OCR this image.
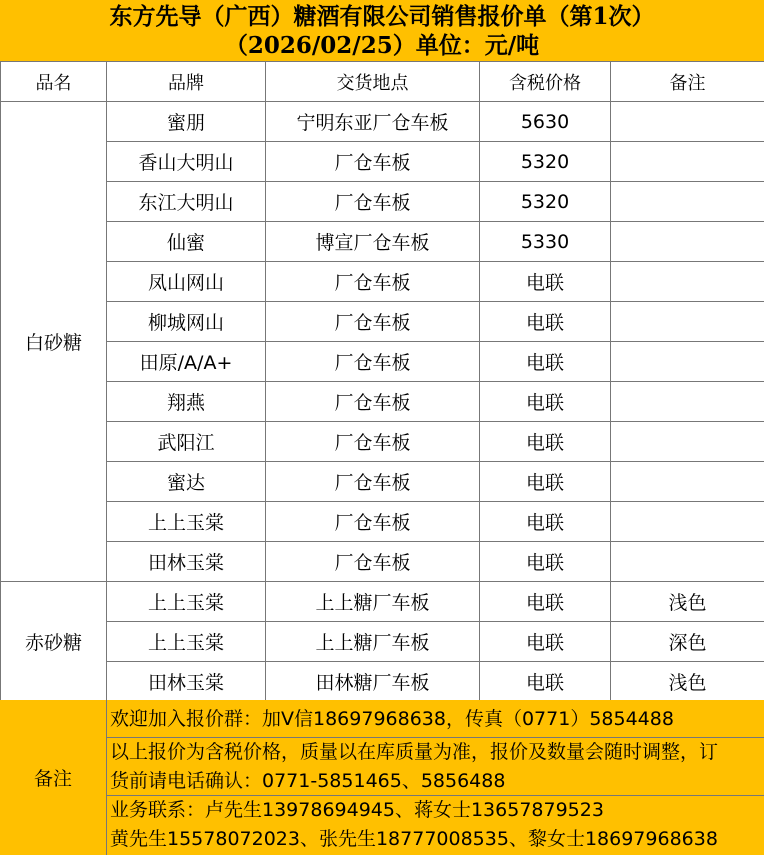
东方先导（广西）糖酒有限公司销售报价单（第1次）
（2026/02/25）单位：元/吨
品名	品牌	交货地点	含税价格	备注
白砂糖	蜜朋	宁明东亚厂仓车板	5630	
	香山大明山	厂仓车板	5320	
	东江大明山	厂仓车板	5320	
	仙蜜	博宣厂仓车板	5330	
	凤山网山	厂仓车板	电联	
	柳城网山	厂仓车板	电联	
	田原/A/A+	厂仓车板	电联	
	翔燕	厂仓车板	电联	
	武阳江	厂仓车板	电联	
	蜜达	厂仓车板	电联	
	上上玉棠	厂仓车板	电联	
	田林玉棠	厂仓车板	电联	
赤砂糖	上上玉棠	上上糖厂车板	电联	浅色
	上上玉棠	上上糖厂车板	电联	深色
	田林玉棠	田林糖厂车板	电联	浅色
备注
欢迎加入报价群：加V信18697968638，传真（0771）5854488
以上报价为含税价格，质量以在库质量为准，报价及数量会随时调整，订
货前请电话确认：0771-5851465、5856488
业务联系：卢先生13978694945、蒋女士13657879523
黄先生15578072023、张先生18777008535、黎女士18697968638
